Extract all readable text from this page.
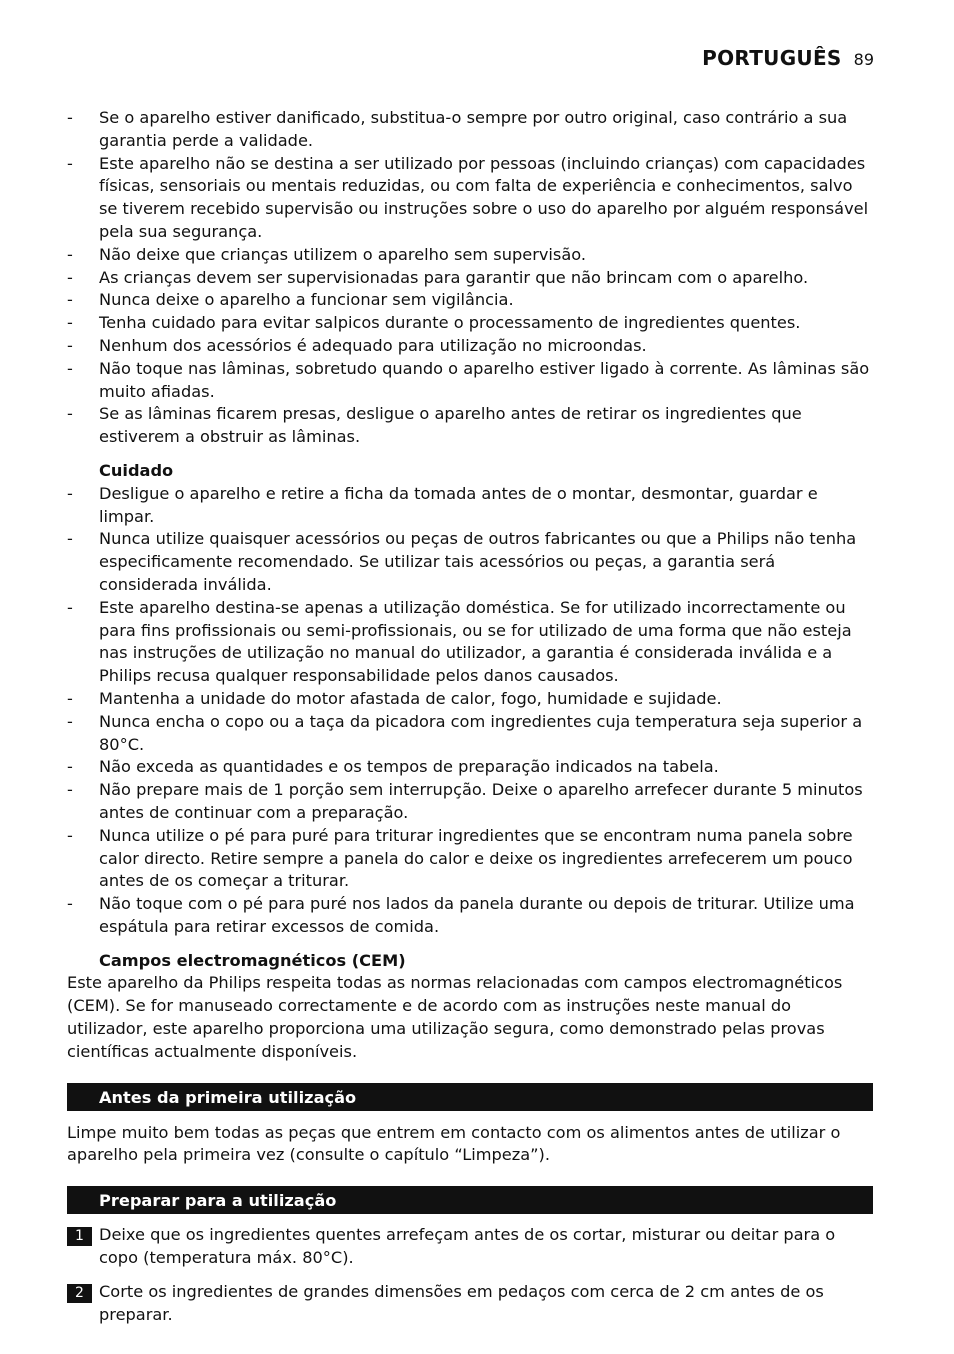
PORTUGUÊS 89
- Se o aparelho estiver danificado, substitua-o sempre por outro original, caso contrário a sua garantia perde a validade.
- Este aparelho não se destina a ser utilizado por pessoas (incluindo crianças) com capacidades físicas, sensoriais ou mentais reduzidas, ou com falta de experiência e conhecimentos, salvo se tiverem recebido supervisão ou instruções sobre o uso do aparelho por alguém responsável pela sua segurança.
- Não deixe que crianças utilizem o aparelho sem supervisão.
- As crianças devem ser supervisionadas para garantir que não brincam com o aparelho.
- Nunca deixe o aparelho a funcionar sem vigilância.
- Tenha cuidado para evitar salpicos durante o processamento de ingredientes quentes.
- Nenhum dos acessórios é adequado para utilização no microondas.
- Não toque nas lâminas, sobretudo quando o aparelho estiver ligado à corrente. As lâminas são muito afiadas.
- Se as lâminas ficarem presas, desligue o aparelho antes de retirar os ingredientes que estiverem a obstruir as lâminas.
Cuidado
- Desligue o aparelho e retire a ficha da tomada antes de o montar, desmontar, guardar e limpar.
- Nunca utilize quaisquer acessórios ou peças de outros fabricantes ou que a Philips não tenha especificamente recomendado. Se utilizar tais acessórios ou peças, a garantia será considerada inválida.
- Este aparelho destina-se apenas a utilização doméstica. Se for utilizado incorrectamente ou para fins profissionais ou semi-profissionais, ou se for utilizado de uma forma que não esteja nas instruções de utilização no manual do utilizador, a garantia é considerada inválida e a Philips recusa qualquer responsabilidade pelos danos causados.
- Mantenha a unidade do motor afastada de calor, fogo, humidade e sujidade.
- Nunca encha o copo ou a taça da picadora com ingredientes cuja temperatura seja superior a 80°C.
- Não exceda as quantidades e os tempos de preparação indicados na tabela.
- Não prepare mais de 1 porção sem interrupção. Deixe o aparelho arrefecer durante 5 minutos antes de continuar com a preparação.
- Nunca utilize o pé para puré para triturar ingredientes que se encontram numa panela sobre calor directo. Retire sempre a panela do calor e deixe os ingredientes arrefecerem um pouco antes de os começar a triturar.
- Não toque com o pé para puré nos lados da panela durante ou depois de triturar. Utilize uma espátula para retirar excessos de comida.
Campos electromagnéticos (CEM)

Este aparelho da Philips respeita todas as normas relacionadas com campos electromagnéticos (CEM). Se for manuseado correctamente e de acordo com as instruções neste manual do utilizador, este aparelho proporciona uma utilização segura, como demonstrado pelas provas científicas actualmente disponíveis.

Antes da primeira utilização

Limpe muito bem todas as peças que entrem em contacto com os alimentos antes de utilizar o aparelho pela primeira vez (consulte o capítulo “Limpeza”).

Preparar para a utilização
1 Deixe que os ingredientes quentes arrefeçam antes de os cortar, misturar ou deitar para o copo (temperatura máx. 80°C).
2 Corte os ingredientes de grandes dimensões em pedaços com cerca de 2 cm antes de os preparar.
